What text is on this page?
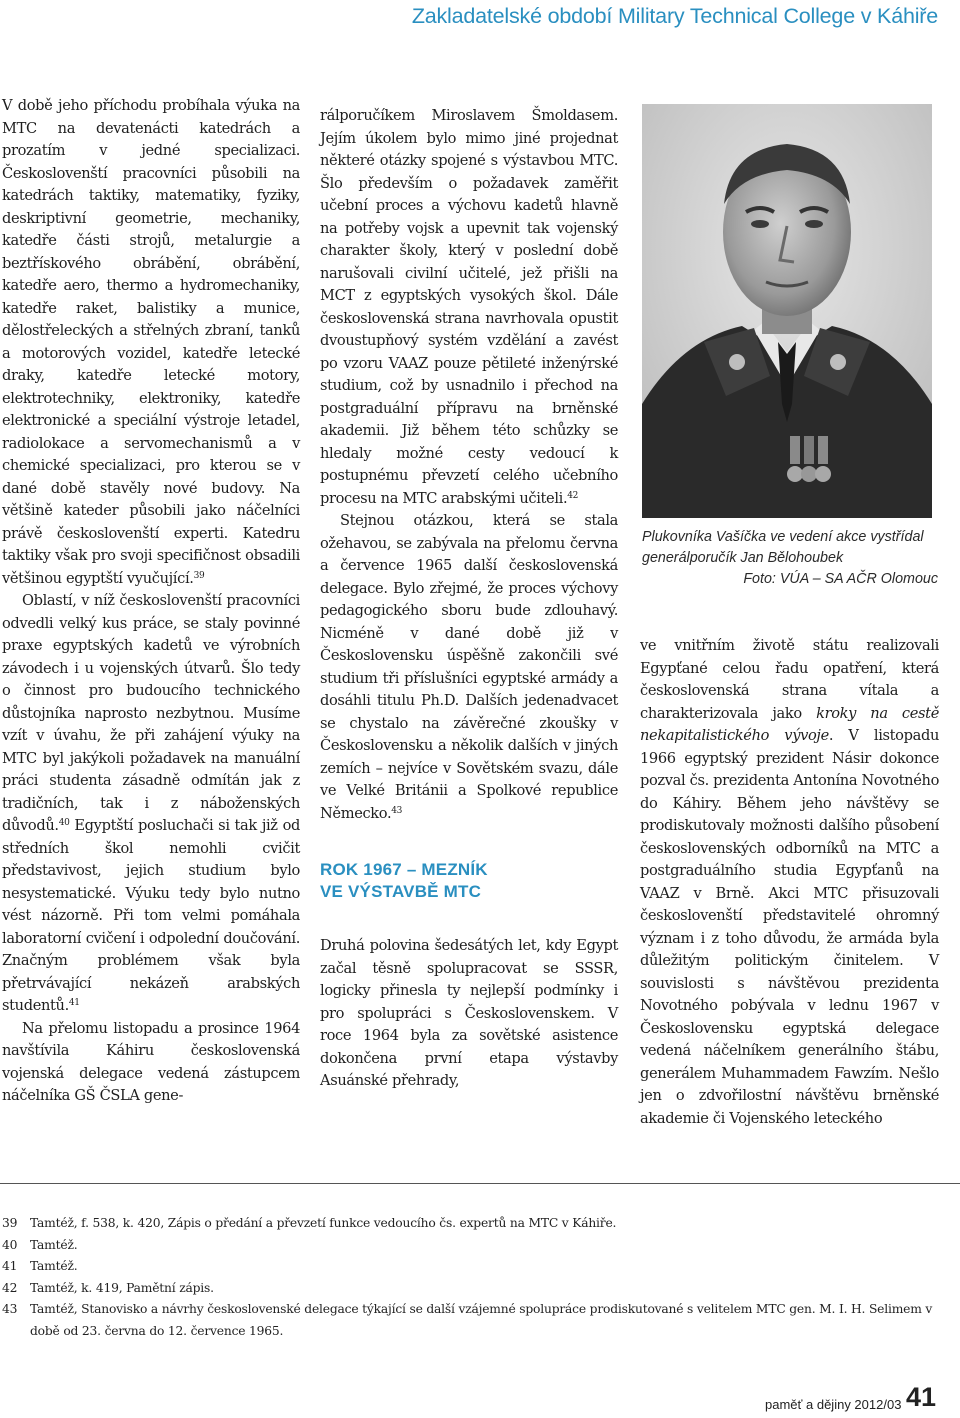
Zakladatelské období Military Technical College v Káhiře

V době jeho příchodu probíhala výuka na MTC na devatenácti katedrách a prozatím v jedné specializaci. Českoslovenští pracovníci působili na katedrách taktiky, matematiky, fyziky, deskriptivní geometrie, mechaniky, katedře části strojů, metalurgie a beztřískového obrábění, obrábění, katedře aero, thermo a hydromechaniky, katedře raket, balistiky a munice, dělostřeleckých a střelných zbraní, tanků a motorových vozidel, katedře letecké draky, katedře letecké motory, elektrotechniky, elektroniky, katedře elektronické a speciální výstroje letadel, radiolokace a servomechanismů a v chemické specializaci, pro kterou se v dané době stavěly nové budovy. Na většině kateder působili jako náčelníci právě českoslovenští experti. Katedru taktiky však pro svoji specifičnost obsadili většinou egyptští vyučující.$^{39}$

Oblastí, v níž českoslovenští pracovníci odvedli velký kus práce, se staly povinné praxe egyptských kadetů ve výrobních závodech i u vojenských útvarů. Šlo tedy o činnost pro budoucího technického důstojníka naprosto nezbytnou. Musíme vzít v úvahu, že při zahájení výuky na MTC byl jakýkoli požadavek na manuální práci studenta zásadně odmítán jak z tradičních, tak i z náboženských důvodů.$^{40}$ Egyptští posluchači si tak již od středních škol nemohli cvičit představivost, jejich studium bylo nesystematické. Výuku tedy bylo nutno vést názorně. Při tom velmi pomáhala laboratorní cvičení i odpolední doučování. Značným problémem však byla přetrvávající nekázeň arabských studentů.$^{41}$

Na přelomu listopadu a prosince 1964 navštívila Káhiru československá vojenská delegace vedená zástupcem náčelníka GŠ ČSLA gene-

rálporučíkem Miroslavem Šmoldasem. Jejím úkolem bylo mimo jiné projednat některé otázky spojené s výstavbou MTC. Šlo především o požadavek zaměřit učební proces a výchovu kadetů hlavně na potřeby vojsk a upevnit tak vojenský charakter školy, který v poslední době narušovali civilní učitelé, jež přišli na MCT z egyptských vysokých škol. Dále československá strana navrhovala opustit dvoustupňový systém vzdělání a zavést po vzoru VAAZ pouze pětileté inženýrské studium, což by usnadnilo i přechod na postgraduální přípravu na brněnské akademii. Již během této schůzky se hledaly možné cesty vedoucí k postupnému převzetí celého učebního procesu na MTC arabskými učiteli.$^{42}$

Stejnou otázkou, která se stala ožehavou, se zabývala na přelomu června a července 1965 další československá delegace. Bylo zřejmé, že proces výchovy pedagogického sboru bude zdlouhavý. Nicméně v dané době již v Československu úspěšně zakončili své studium tři příslušníci egyptské armády a dosáhli titulu Ph.D. Dalších jedenadvacet se chystalo na závěrečné zkoušky v Československu a několik dalších v jiných zemích – nejvíce v Sovětském svazu, dále ve Velké Británii a Spolkové republice Německo.$^{43}$

ROK 1967 – MEZNÍK
VE VÝSTAVBĚ MTC

Druhá polovina šedesátých let, kdy Egypt začal těsně spolupracovat se SSSR, logicky přinesla ty nejlepší podmínky i pro spolupráci s Československem. V roce 1964 byla za sovětské asistence dokončena první etapa výstavby Asuánské přehrady,

Plukovníka Vašíčka ve vedení akce vystřídal
generálporučík Jan Bělohoubek
Foto: VÚA – SA AČR Olomouc

ve vnitřním životě státu realizovali Egypťané celou řadu opatření, která československá strana vítala a charakterizovala jako kroky na cestě nekapitalistického vývoje. V listopadu 1966 egyptský prezident Násir dokonce pozval čs. prezidenta Antonína Novotného do Káhiry. Během jeho návštěvy se prodiskutovaly možnosti dalšího působení československých odborníků na MTC a postgraduálního studia Egypťanů na VAAZ v Brně. Akci MTC přisuzovali českoslovenští představitelé ohromný význam i z toho důvodu, že armáda byla důležitým politickým činitelem. V souvislosti s návštěvou prezidenta Novotného pobývala v lednu 1967 v Československu egyptská delegace vedená náčelníkem generálního štábu, generálem Muhammadem Fawzím. Nešlo jen o zdvořilostní návštěvu brněnské akademie či Vojenského leteckého

39	Tamtéž, f. 538, k. 420, Zápis o předání a převzetí funkce vedoucího čs. expertů na MTC v Káhiře.
40	Tamtéž.
41	Tamtéž.
42	Tamtéž, k. 419, Pamětní zápis.
43	Tamtéž, Stanovisko a návrhy československé delegace týkající se další vzájemné spolupráce prodiskutované s velitelem MTC gen. M. I. H. Selimem v době od 23. června do 12. července 1965.
paměť a dějiny 2012/03 41
